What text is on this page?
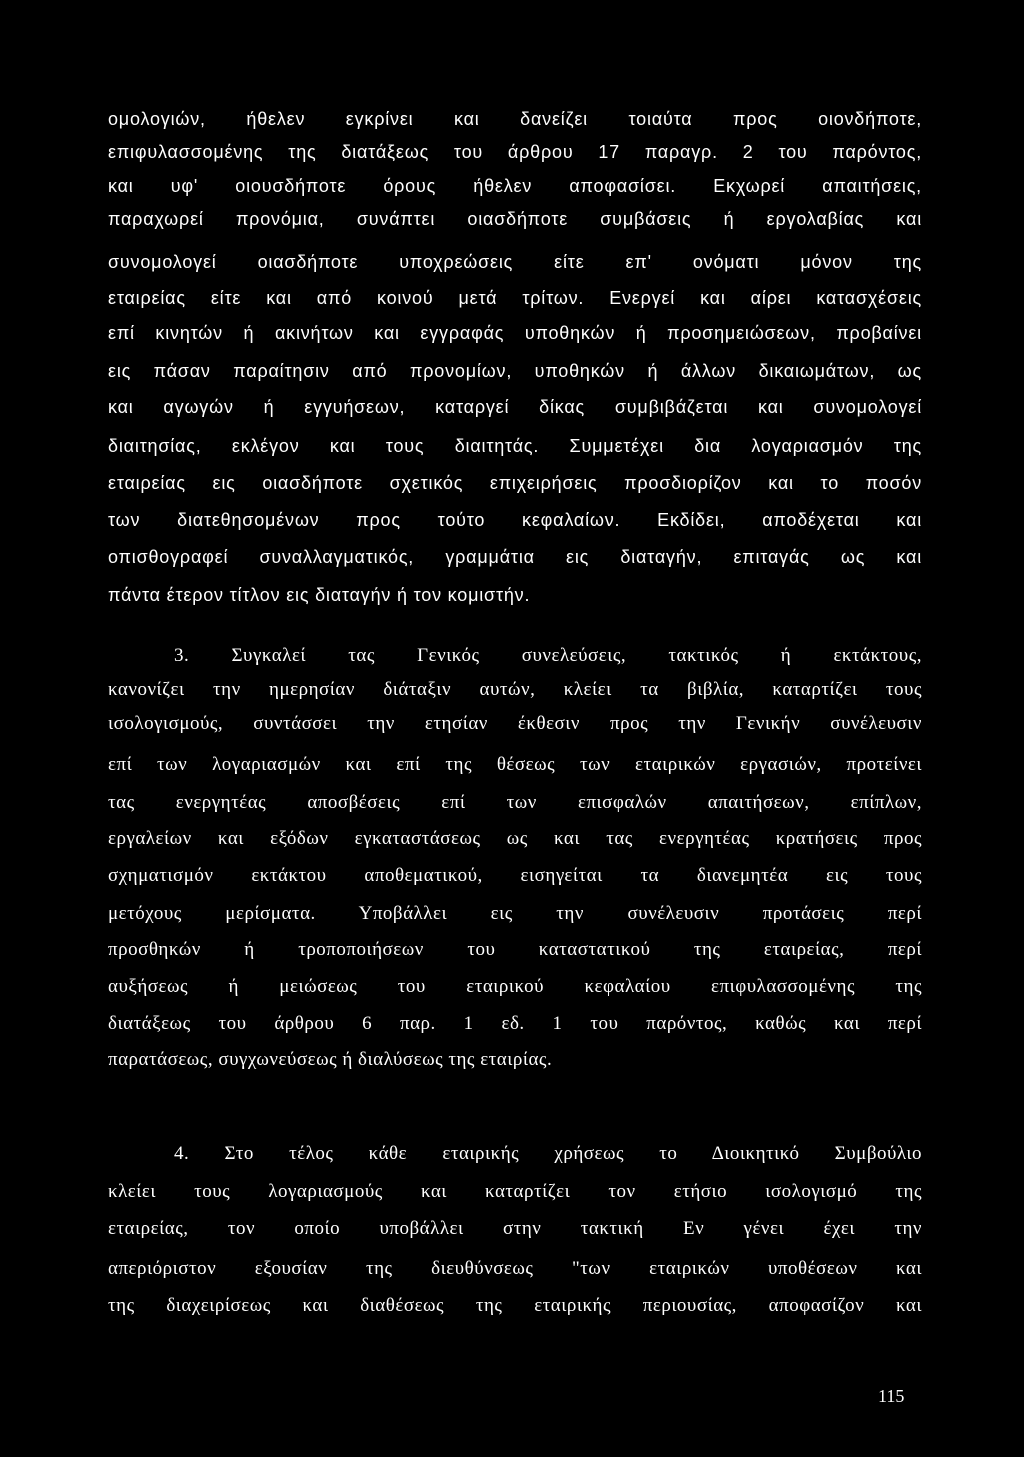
ομολογιών, ήθελεν εγκρίνει και δανείζει τοιαύτα προς οιονδήποτε,
επιφυλασσομένης της διατάξεως του άρθρου 17 παραγρ. 2 του παρόντος,
και υφ' οιουσδήποτε όρους ήθελεν αποφασίσει. Εκχωρεί απαιτήσεις,
παραχωρεί προνόμια, συνάπτει οιασδήποτε συμβάσεις ή εργολαβίας και
συνομολογεί οιασδήποτε υποχρεώσεις είτε επ' ονόματι μόνον της
εταιρείας είτε και από κοινού μετά τρίτων. Ενεργεί και αίρει κατασχέσεις
επί κινητών ή ακινήτων και εγγραφάς υποθηκών ή προσημειώσεων, προβαίνει
εις πάσαν παραίτησιν από προνομίων, υποθηκών ή άλλων δικαιωμάτων, ως
και αγωγών ή εγγυήσεων, καταργεί δίκας συμβιβάζεται και συνομολογεί
διαιτησίας, εκλέγον και τους διαιτητάς. Συμμετέχει δια λογαριασμόν της
εταιρείας εις οιασδήποτε σχετικός επιχειρήσεις προσδιορίζον και το ποσόν
των διατεθησομένων προς τούτο κεφαλαίων. Εκδίδει, αποδέχεται και
οπισθογραφεί συναλλαγματικός, γραμμάτια εις διαταγήν, επιταγάς ως και
πάντα έτερον τίτλον εις διαταγήν ή τον κομιστήν.
3. Συγκαλεί τας Γενικός συνελεύσεις, τακτικός ή εκτάκτους,
κανονίζει την ημερησίαν διάταξιν αυτών, κλείει τα βιβλία, καταρτίζει τους
ισολογισμούς, συντάσσει την ετησίαν έκθεσιν προς την Γενικήν συνέλευσιν
επί των λογαριασμών και επί της θέσεως των εταιρικών εργασιών, προτείνει
τας ενεργητέας αποσβέσεις επί των επισφαλών απαιτήσεων, επίπλων,
εργαλείων και εξόδων εγκαταστάσεως ως και τας ενεργητέας κρατήσεις προς
σχηματισμόν εκτάκτου αποθεματικού, εισηγείται τα διανεμητέα εις τους
μετόχους μερίσματα. Υποβάλλει εις την συνέλευσιν προτάσεις περί
προσθηκών ή τροποποιήσεων του καταστατικού της εταιρείας, περί
αυξήσεως ή μειώσεως του εταιρικού κεφαλαίου επιφυλασσομένης της
διατάξεως του άρθρου 6 παρ. 1 εδ. 1 του παρόντος, καθώς και περί
παρατάσεως, συγχωνεύσεως ή διαλύσεως της εταιρίας.
4. Στο τέλος κάθε εταιρικής χρήσεως το Διοικητικό Συμβούλιο
κλείει τους λογαριασμούς και καταρτίζει τον ετήσιο ισολογισμό της
εταιρείας, τον οποίο υποβάλλει στην τακτική Εν γένει έχει την
απεριόριστον εξουσίαν της διευθύνσεως "των εταιρικών υποθέσεων και
της διαχειρίσεως και διαθέσεως της εταιρικής περιουσίας, αποφασίζον και
115
